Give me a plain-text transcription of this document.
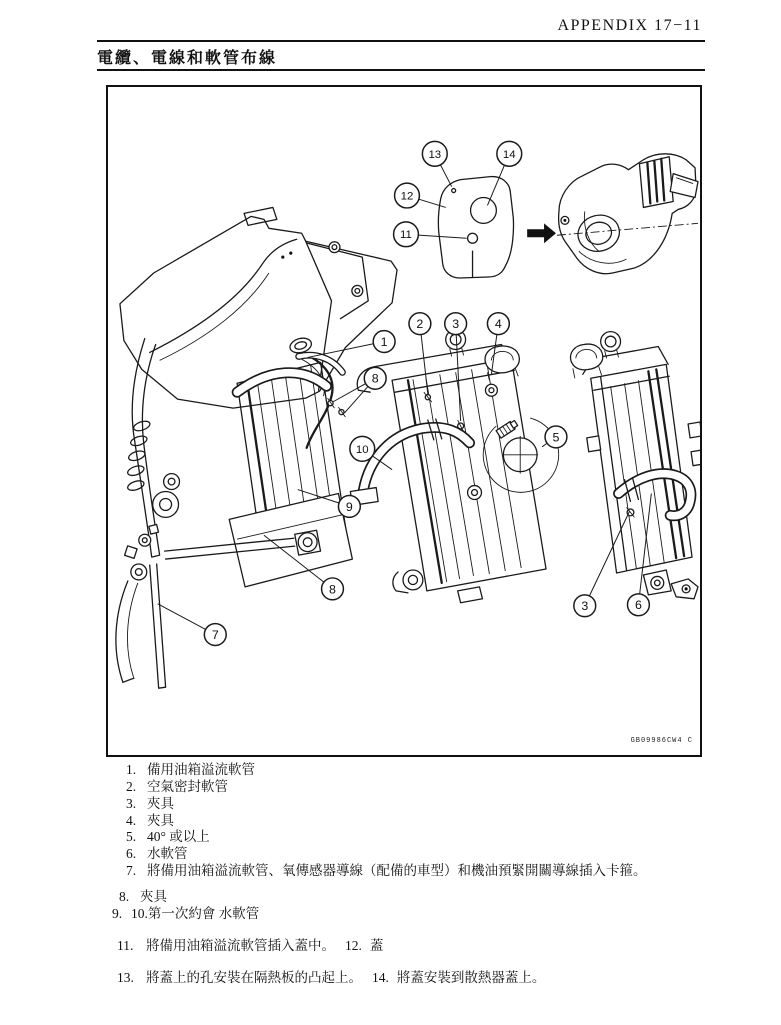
APPENDIX 17−11
電纜、電線和軟管布線
1
2 3	4
5
6
3
7
8
8
9
10
11
12
13	14
GB09986CW4 C
1. 備用油箱溢流軟管
2. 空氣密封軟管
3. 夾具
4. 夾具
5. 40° 或以上
6. 水軟管
7. 將備用油箱溢流軟管、氧傳感器導線（配備的車型）和機油預緊開關導線插入卡箍。
8. 夾具
9. 10.第一次約會 水軟管
11. 將備用油箱溢流軟管插入蓋中。 12. 蓋
13. 將蓋上的孔安裝在隔熱板的凸起上。 14. 將蓋安裝到散熱器蓋上。
